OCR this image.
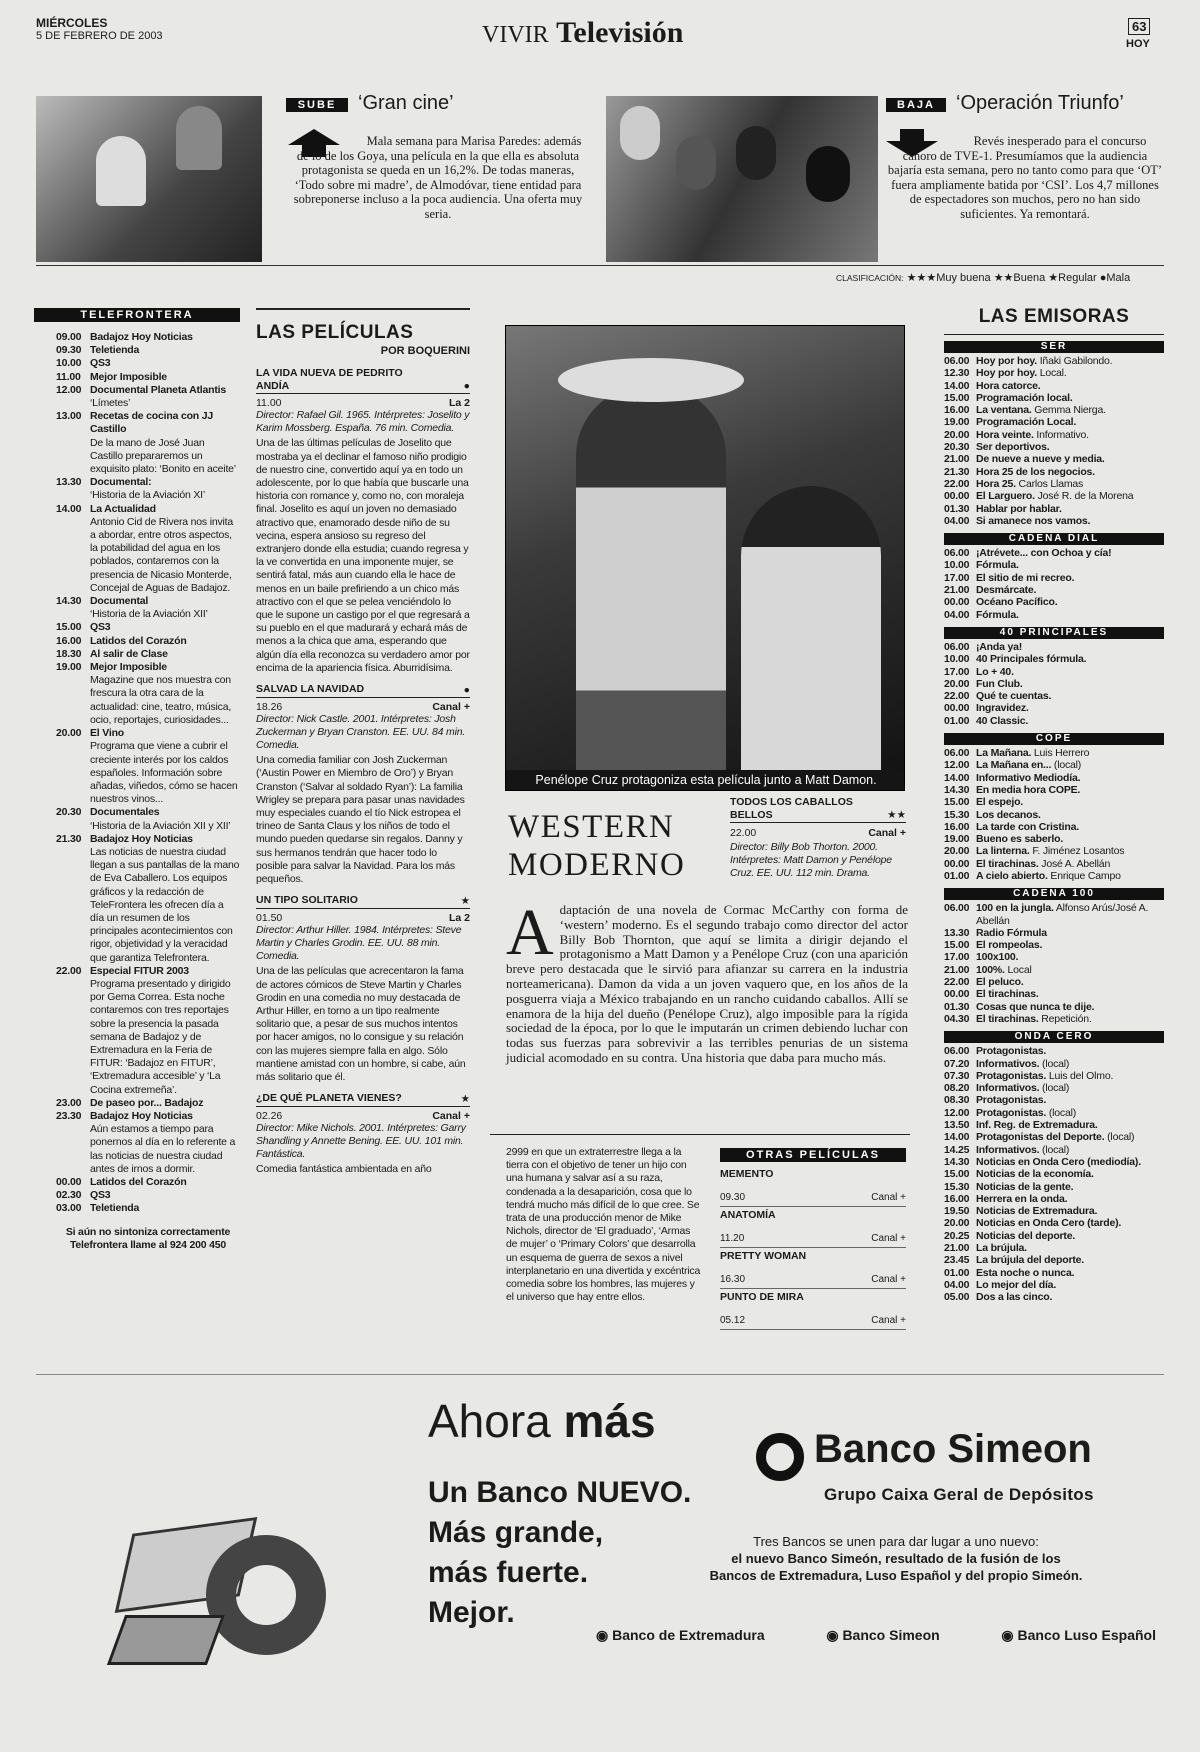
MIÉRCOLES
5 DE FEBRERO DE 2003	VIVIR Televisión	63
HOY
SUBE	‘Gran cine’
Mala semana para Marisa Paredes: además de lo de los Goya, una película en la que ella es absoluta protagonista se queda en un 16,2%. De todas maneras, ‘Todo sobre mi madre’, de Almodóvar, tiene entidad para sobreponerse incluso a la poca audiencia. Una oferta muy seria.
BAJA	‘Operación Triunfo’
Revés inesperado para el concurso canoro de TVE-1. Presumíamos que la audiencia bajaría esta semana, pero no tanto como para que ‘OT’ fuera ampliamente batida por ‘CSI’. Los 4,7 millones de espectadores son muchos, pero no han sido suficientes. Ya remontará.
CLASIFICACIÓN: ★★★Muy buena ★★Buena ★Regular ●Mala
TELEFRONTERA
09.00 Badajoz Hoy Noticias
09.30 Teletienda
10.00 QS3
11.00 Mejor Imposible
12.00 Documental Planeta Atlantis
‘Límetes’
13.00 Recetas de cocina con JJ Castillo
De la mano de José Juan Castillo prepararemos un exquisito plato: ‘Bonito en aceite’
13.30 Documental:
‘Historia de la Aviación XI’
14.00 La Actualidad
Antonio Cid de Rivera nos invita a abordar, entre otros aspectos, la potabilidad del agua en los poblados, contaremos con la presencia de Nicasio Monterde, Concejal de Aguas de Badajoz.
14.30 Documental
‘Historia de la Aviación XII’
15.00 QS3
16.00 Latidos del Corazón
18.30 Al salir de Clase
19.00 Mejor Imposible
Magazine que nos muestra con frescura la otra cara de la actualidad: cine, teatro, música, ocio, reportajes, curiosidades...
20.00 El Vino
Programa que viene a cubrir el creciente interés por los caldos españoles. Información sobre añadas, viñedos, cómo se hacen nuestros vinos...
20.30 Documentales
‘Historia de la Aviación XII y XII’
21.30 Badajoz Hoy Noticias
Las noticias de nuestra ciudad llegan a sus pantallas de la mano de Eva Caballero. Los equipos gráficos y la redacción de TeleFrontera les ofrecen día a día un resumen de los principales acontecimientos con rigor, objetividad y la veracidad que garantiza Telefrontera.
22.00 Especial FITUR 2003
Programa presentado y dirigido por Gema Correa. Esta noche contaremos con tres reportajes sobre la presencia la pasada semana de Badajoz y de Extremadura en la Feria de FITUR: ‘Badajoz en FITUR’, ‘Extremadura accesible’ y ‘La Cocina extremeña’.
23.00 De paseo por... Badajoz
23.30 Badajoz Hoy Noticias
Aún estamos a tiempo para ponernos al día en lo referente a las noticias de nuestra ciudad antes de irnos a dormir.
00.00 Latidos del Corazón
02.30 QS3
03.00 Teletienda
Si aún no sintoniza correctamente Telefrontera llame al 924 200 450
LAS PELÍCULAS
POR BOQUERINI
LA VIDA NUEVA DE PEDRITO ANDÍA	●
11.00	La 2
Director: Rafael Gil. 1965. Intérpretes: Joselito y Karim Mossberg. España. 76 min. Comedia.
Una de las últimas películas de Joselito que mostraba ya el declinar el famoso niño prodigio de nuestro cine, convertido aquí ya en todo un adolescente, por lo que había que buscarle una historia con romance y, como no, con moraleja final. Joselito es aquí un joven no demasiado atractivo que, enamorado desde niño de su vecina, espera ansioso su regreso del extranjero donde ella estudia; cuando regresa y la ve convertida en una imponente mujer, se sentirá fatal, más aun cuando ella le hace de menos en un baile prefiriendo a un chico más atractivo con el que se pelea venciéndolo lo que le supone un castigo por el que regresará a su pueblo en el que madurará y echará más de menos a la chica que ama, esperando que algún día ella reconozca su verdadero amor por encima de la apariencia física. Aburridísima.
SALVAD LA NAVIDAD	●
18.26	Canal +
Director: Nick Castle. 2001. Intérpretes: Josh Zuckerman y Bryan Cranston. EE. UU. 84 min. Comedia.
Una comedia familiar con Josh Zuckerman (‘Austin Power en Miembro de Oro’) y Bryan Cranston (‘Salvar al soldado Ryan’): La familia Wrigley se prepara para pasar unas navidades muy especiales cuando el tío Nick estropea el trineo de Santa Claus y los niños de todo el mundo pueden quedarse sin regalos. Danny y sus hermanos tendrán que hacer todo lo posible para salvar la Navidad. Para los más pequeños.
UN TIPO SOLITARIO	★
01.50	La 2
Director: Arthur Hiller. 1984. Intérpretes: Steve Martin y Charles Grodin. EE. UU. 88 min. Comedia.
Una de las películas que acrecentaron la fama de actores cómicos de Steve Martin y Charles Grodin en una comedia no muy destacada de Arthur Hiller, en torno a un tipo realmente solitario que, a pesar de sus muchos intentos por hacer amigos, no lo consigue y su relación con las mujeres siempre falla en algo. Sólo mantiene amistad con un hombre, si cabe, aún más solitario que él.
¿DE QUÉ PLANETA VIENES?	★
02.26	Canal +
Director: Mike Nichols. 2001. Intérpretes: Garry Shandling y Annette Bening. EE. UU. 101 min. Fantástica.
Comedia fantástica ambientada en año
Penélope Cruz protagoniza esta película junto a Matt Damon.
WESTERN
MODERNO
TODOS LOS CABALLOS BELLOS	★★
22.00	Canal +
Director: Billy Bob Thorton. 2000. Intérpretes: Matt Damon y Penélope Cruz. EE. UU. 112 min. Drama.
A daptación de una novela de Cormac McCarthy con forma de ‘western’ moderno. Es el segundo trabajo como director del actor Billy Bob Thornton, que aquí se limita a dirigir dejando el protagonismo a Matt Damon y a Penélope Cruz (con una aparición breve pero destacada que le sirvió para afianzar su carrera en la industria norteamericana). Damon da vida a un joven vaquero que, en los años de la posguerra viaja a México trabajando en un rancho cuidando caballos. Allí se enamora de la hija del dueño (Penélope Cruz), algo imposible para la rígida sociedad de la época, por lo que le imputarán un crimen debiendo luchar con todas sus fuerzas para sobrevivir a las terribles penurias de un sistema judicial acomodado en su contra. Una historia que daba para mucho más.
2999 en que un extraterrestre llega a la tierra con el objetivo de tener un hijo con una humana y salvar así a su raza, condenada a la desaparición, cosa que lo tendrá mucho más difícil de lo que cree. Se trata de una producción menor de Mike Nichols, director de ‘El graduado’, ‘Armas de mujer’ o ‘Primary Colors’ que desarrolla un esquema de guerra de sexos a nivel interplanetario en una divertida y excéntrica comedia sobre los hombres, las mujeres y el universo que hay entre ellos.
OTRAS PELÍCULAS
MEMENTO
09.30	Canal +
ANATOMÍA
11.20	Canal +
PRETTY WOMAN
16.30	Canal +
PUNTO DE MIRA
05.12	Canal +
LAS EMISORAS
SER
06.00 Hoy por hoy. Iñaki Gabilondo.
12.30 Hoy por hoy. Local.
14.00 Hora catorce.
15.00 Programación local.
16.00 La ventana. Gemma Nierga.
19.00 Programación Local.
20.00 Hora veinte. Informativo.
20.30 Ser deportivos.
21.00 De nueve a nueve y media.
21.30 Hora 25 de los negocios.
22.00 Hora 25. Carlos Llamas
00.00 El Larguero. José R. de la Morena
01.30 Hablar por hablar.
04.00 Si amanece nos vamos.
CADENA DIAL
06.00 ¡Atrévete... con Ochoa y cía!
10.00 Fórmula.
17.00 El sitio de mi recreo.
21.00 Desmárcate.
00.00 Océano Pacífico.
04.00 Fórmula.
40 PRINCIPALES
06.00 ¡Anda ya!
10.00 40 Principales fórmula.
17.00 Lo + 40.
20.00 Fun Club.
22.00 Qué te cuentas.
00.00 Ingravidez.
01.00 40 Classic.
COPE
06.00 La Mañana. Luis Herrero
12.00 La Mañana en... (local)
14.00 Informativo Mediodía.
14.30 En media hora COPE.
15.00 El espejo.
15.30 Los decanos.
16.00 La tarde con Cristina.
19.00 Bueno es saberlo.
20.00 La linterna. F. Jiménez Losantos
00.00 El tirachinas. José A. Abellán
01.00 A cielo abierto. Enrique Campo
CADENA 100
06.00 100 en la jungla. Alfonso Arús/José A. Abellán
13.30 Radio Fórmula
15.00 El rompeolas.
17.00 100x100.
21.00 100%. Local
22.00 El peluco.
00.00 El tirachinas.
01.30 Cosas que nunca te dije.
04.30 El tirachinas. Repetición.
ONDA CERO
06.00 Protagonistas.
07.20 Informativos. (local)
07.30 Protagonistas. Luis del Olmo.
08.20 Informativos. (local)
08.30 Protagonistas.
12.00 Protagonistas. (local)
13.50 Inf. Reg. de Extremadura.
14.00 Protagonistas del Deporte. (local)
14.25 Informativos. (local)
14.30 Noticias en Onda Cero (mediodía).
15.00 Noticias de la economía.
15.30 Noticias de la gente.
16.00 Herrera en la onda.
19.50 Noticias de Extremadura.
20.00 Noticias en Onda Cero (tarde).
20.25 Noticias del deporte.
21.00 La brújula.
23.45 La brújula del deporte.
01.00 Esta noche o nunca.
04.00 Lo mejor del día.
05.00 Dos a las cinco.
Ahora más
Un Banco NUEVO.
Más grande,
más fuerte.
Mejor.
Banco Simeon
Grupo Caixa Geral de Depósitos
Tres Bancos se unen para dar lugar a uno nuevo:
el nuevo Banco Simeón, resultado de la fusión de los
Bancos de Extremadura, Luso Español y del propio Simeón.
◉ Banco de Extremadura	◉ Banco Simeon	◉ Banco Luso Español
